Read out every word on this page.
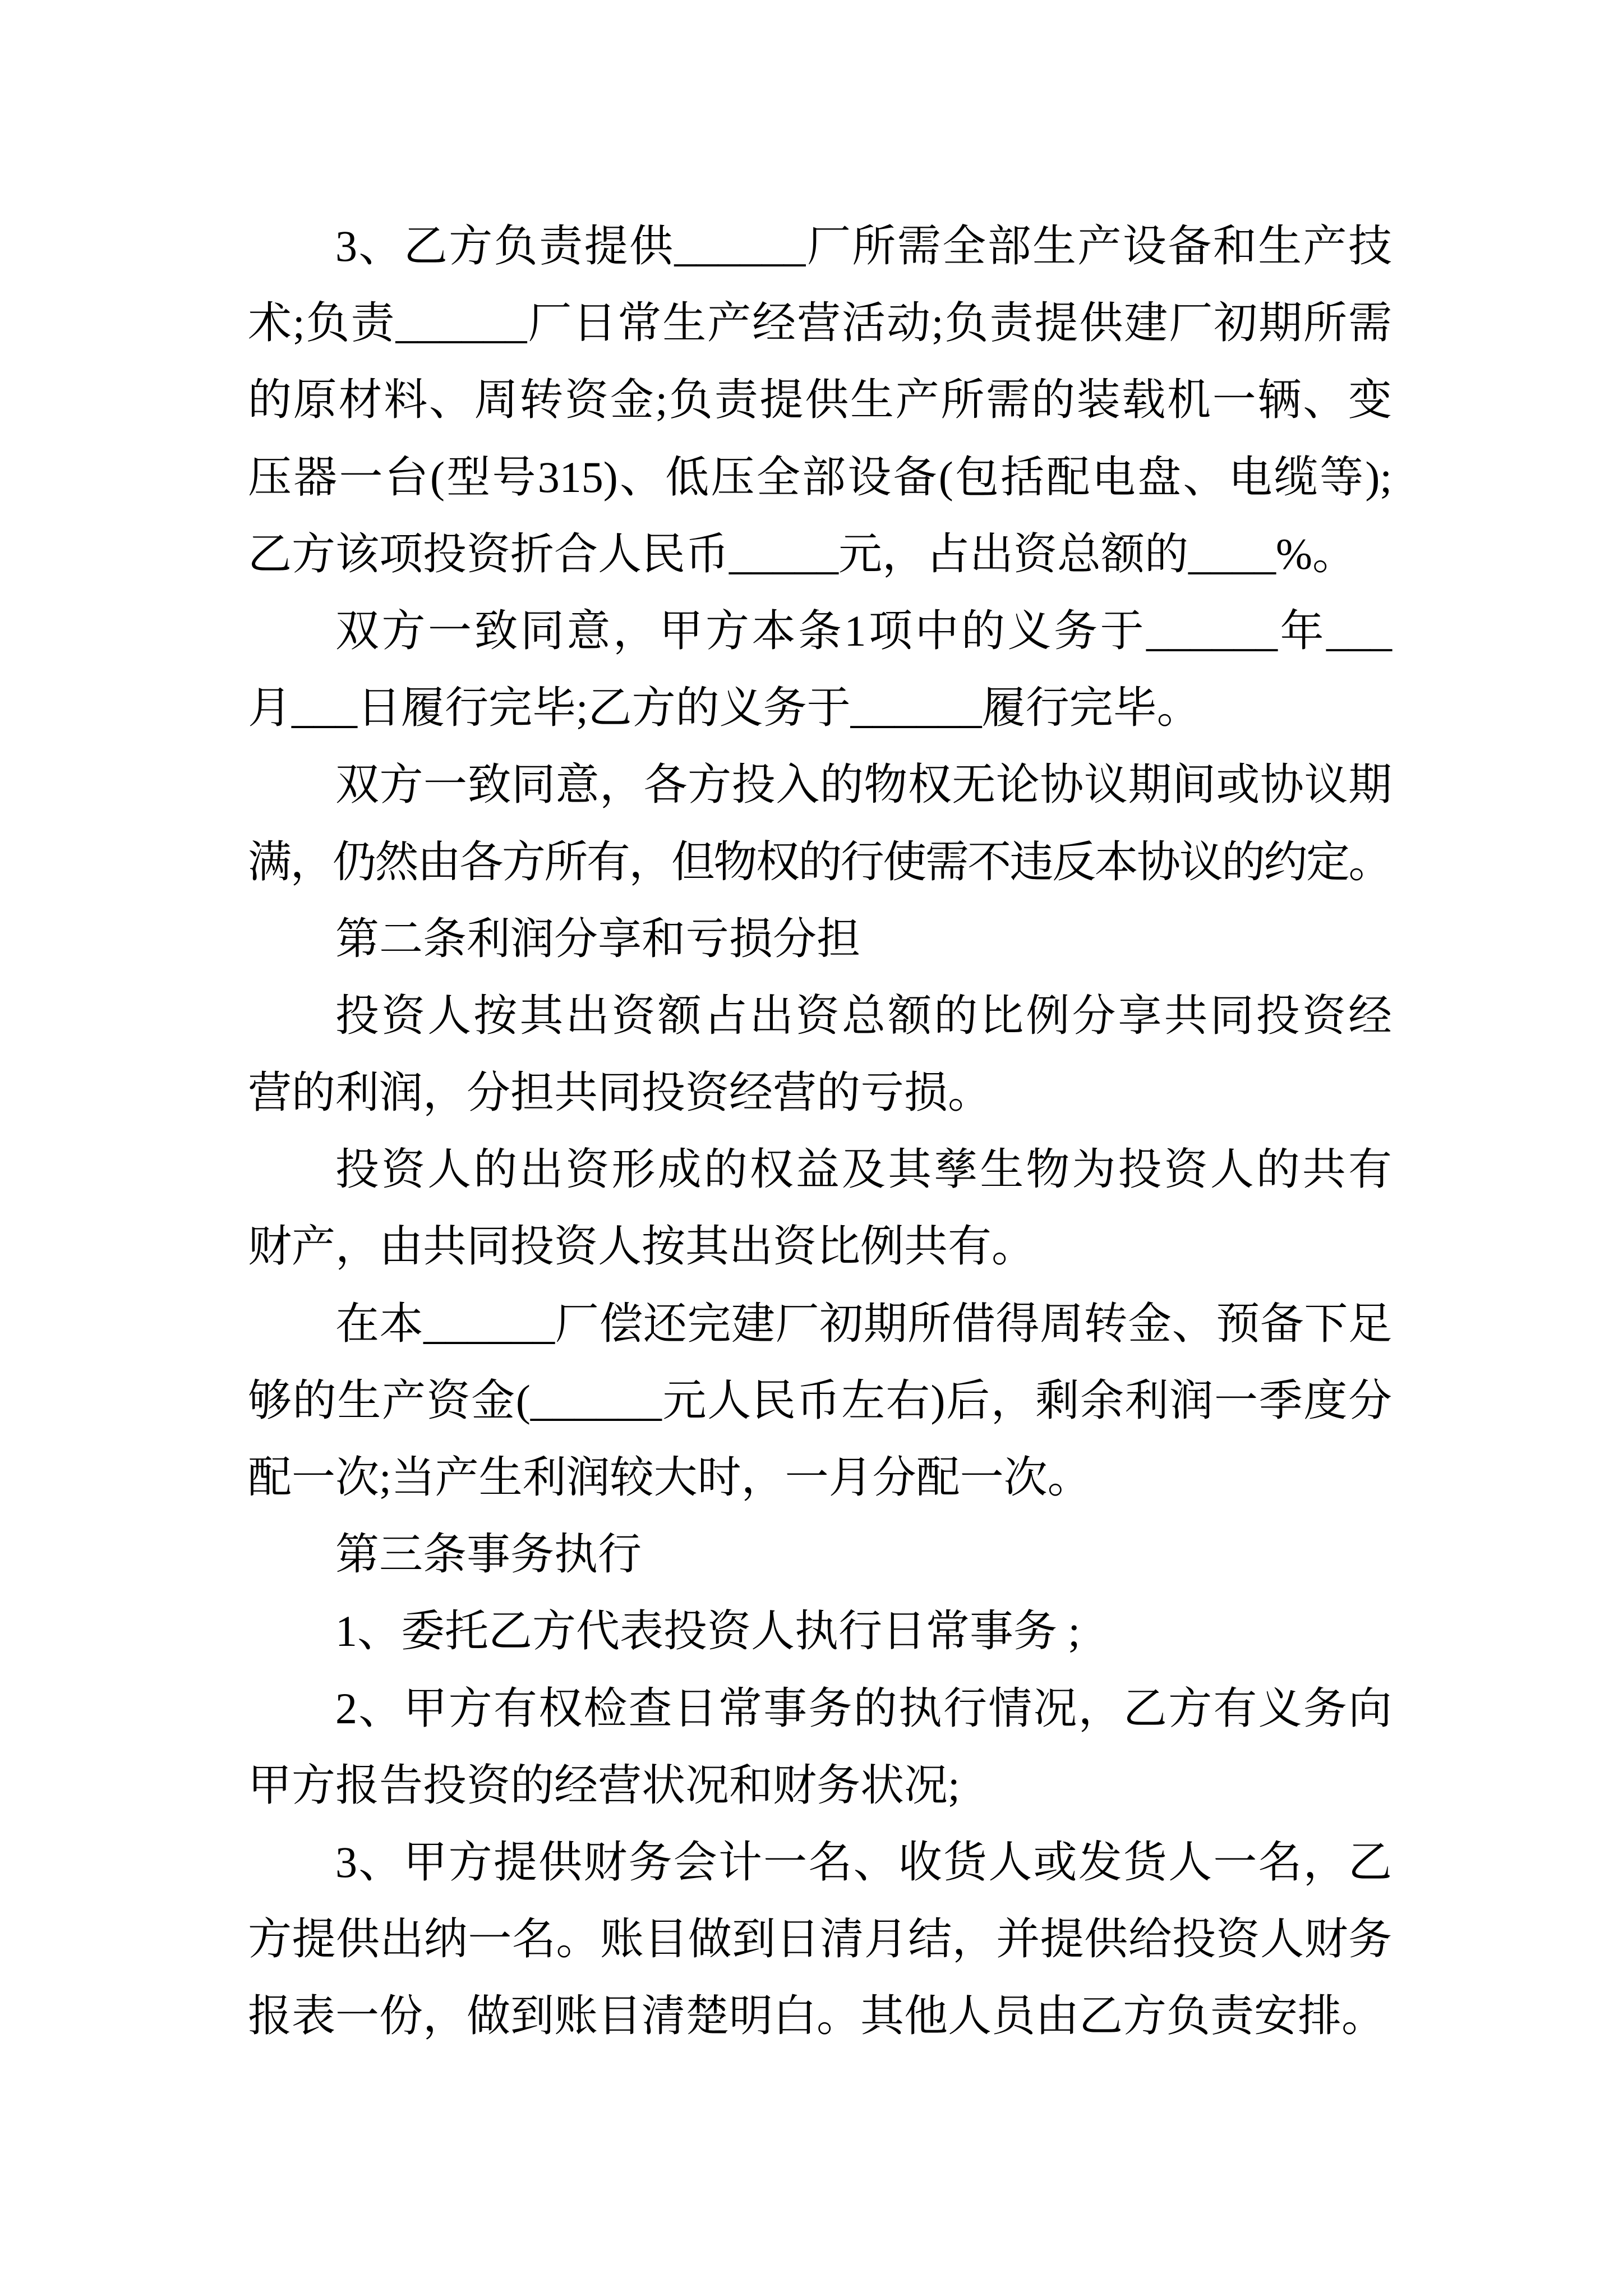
3、乙方负责提供______厂所需全部生产设备和生产技
术;负责______厂日常生产经营活动;负责提供建厂初期所需
的原材料、周转资金;负责提供生产所需的装载机一辆、变
压器一台(型号315)、低压全部设备(包括配电盘、电缆等);
乙方该项投资折合人民币_____元，占出资总额的____%。
双方一致同意，甲方本条1项中的义务于______年___
月___日履行完毕;乙方的义务于______履行完毕。
双方一致同意，各方投入的物权无论协议期间或协议期
满，仍然由各方所有，但物权的行使需不违反本协议的约定。
第二条利润分享和亏损分担
投资人按其出资额占出资总额的比例分享共同投资经
营的利润，分担共同投资经营的亏损。
投资人的出资形成的权益及其孳生物为投资人的共有
财产，由共同投资人按其出资比例共有。
在本______厂偿还完建厂初期所借得周转金、预备下足
够的生产资金(______元人民币左右)后，剩余利润一季度分
配一次;当产生利润较大时，一月分配一次。
第三条事务执行
1、委托乙方代表投资人执行日常事务 ;
2、甲方有权检查日常事务的执行情况，乙方有义务向
甲方报告投资的经营状况和财务状况;
3、甲方提供财务会计一名、收货人或发货人一名，乙
方提供出纳一名。账目做到日清月结，并提供给投资人财务
报表一份，做到账目清楚明白。其他人员由乙方负责安排。
